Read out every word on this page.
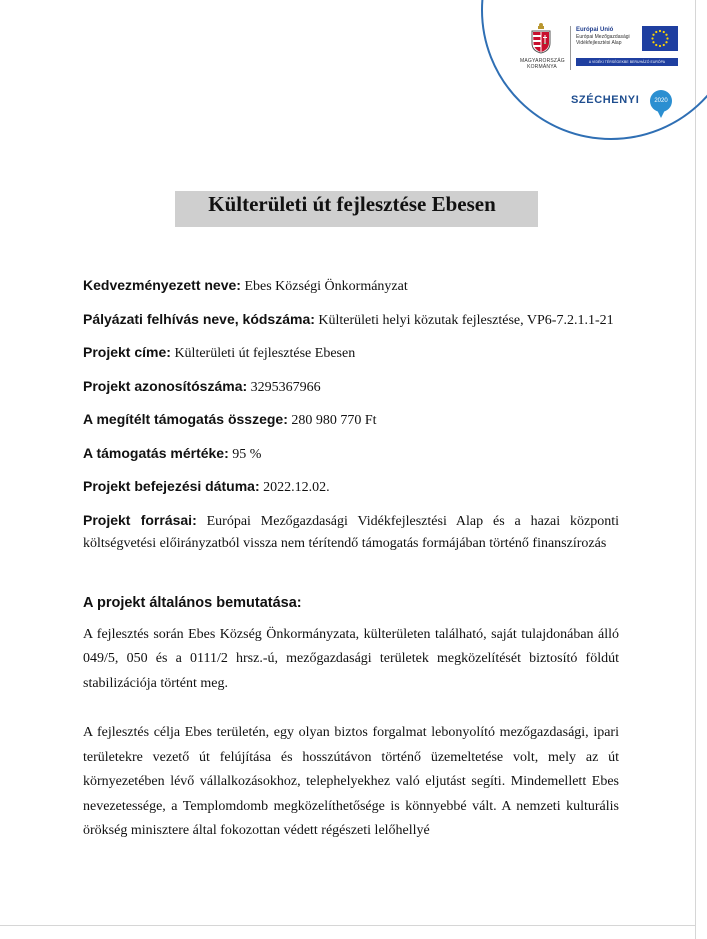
MAGYARORSZÁG KORMÁNYA
Európai Unió
Európai Mezőgazdasági Vidékfejlesztési Alap
A VIDÉKI TÉRSÉGEKBE BERUHÁZÓ EURÓPA
SZÉCHENYI	2020
Külterületi út fejlesztése Ebesen
Kedvezményezett neve: Ebes Községi Önkormányzat
Pályázati felhívás neve, kódszáma: Külterületi helyi közutak fejlesztése, VP6-7.2.1.1-21
Projekt címe: Külterületi út fejlesztése Ebesen
Projekt azonosítószáma: 3295367966
A megítélt támogatás összege: 280 980 770 Ft
A támogatás mértéke: 95 %
Projekt befejezési dátuma: 2022.12.02.
Projekt forrásai: Európai Mezőgazdasági Vidékfejlesztési Alap és a hazai központi költségvetési előirányzatból vissza nem térítendő támogatás formájában történő finanszírozás
A projekt általános bemutatása:

A fejlesztés során Ebes Község Önkormányzata, külterületen található, saját tulajdonában álló 049/5, 050 és a 0111/2 hrsz.-ú, mezőgazdasági területek megközelítését biztosító földút stabilizációja történt meg.

A fejlesztés célja Ebes területén, egy olyan biztos forgalmat lebonyolító mezőgazdasági, ipari területekre vezető út felújítása és hosszútávon történő üzemeltetése volt, mely az út környezetében lévő vállalkozásokhoz, telephelyekhez való eljutást segíti. Mindemellett Ebes nevezetessége, a Templomdomb megközelíthetősége is könnyebbé vált. A nemzeti kulturális örökség minisztere által fokozottan védett régészeti lelőhellyé
